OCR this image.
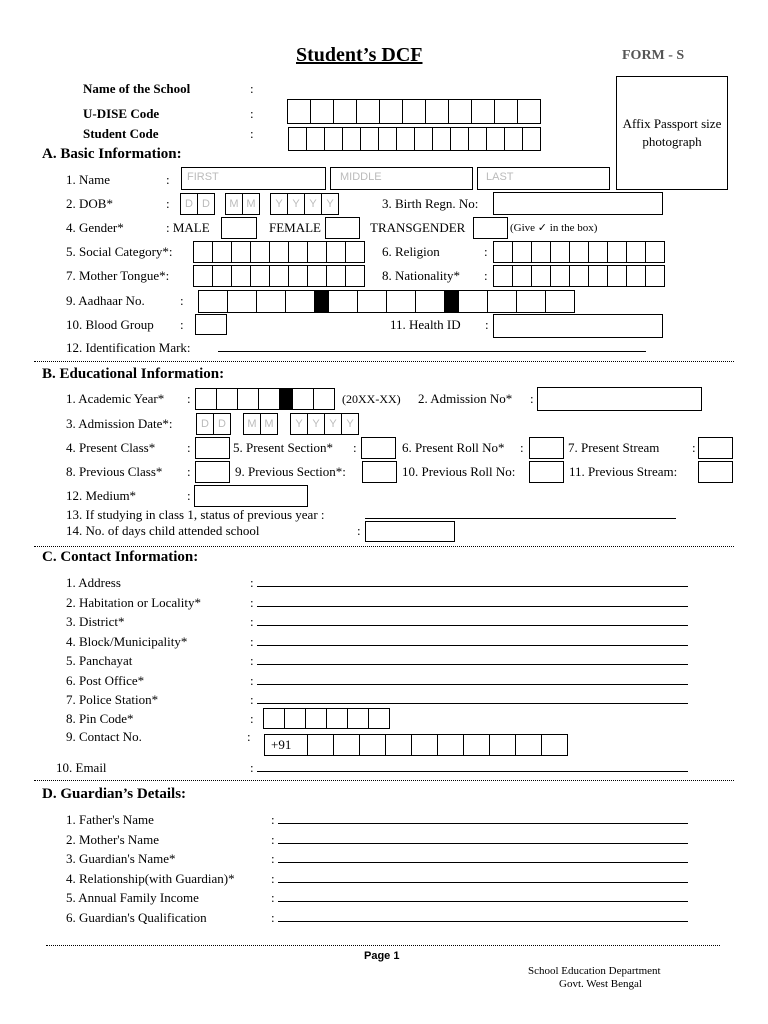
Student’s DCF	FORM - S
Name of the School	:
U-DISE Code	:
Student Code	:
Affix Passport size photograph
A. Basic Information:
1. Name	: FIRST	MIDDLE	LAST
2. DOB*	:	D D	M M	Y Y Y Y	3. Birth Regn. No:
4. Gender*	: MALE	FEMALE	TRANSGENDER	(Give ✓ in the box)
5. Social Category*:	6. Religion	:
7. Mother Tongue*:	8. Nationality* :
9. Aadhaar No.	:
10. Blood Group :	11. Health ID :
12. Identification Mark:
B. Educational Information:
1. Academic Year* :	(20XX-XX) 2. Admission No* :
3. Admission Date*:	D D	M M	Y Y Y Y
4. Present Class* :	5. Present Section* :	6. Present Roll No* :	7. Present Stream	:
8. Previous Class* :	9. Previous Section*:	10. Previous Roll No:	11. Previous Stream:
12. Medium*	:
13. If studying in class 1, status of previous year :
14. No. of days child attended school	:
C. Contact Information:
1. Address	:
2. Habitation or Locality*	:
3. District*	:
4. Block/Municipality*	:
5. Panchayat	:
6. Post Office*	:
7. Police Station*	:
8. Pin Code*	:
9. Contact No.	:
+91
10. Email	:
D. Guardian’s Details:
1. Father's Name	:
2. Mother's Name	:
3. Guardian's Name*	:
4. Relationship(with Guardian)*	:
5. Annual Family Income	:
6. Guardian's Qualification	:
Page 1
School Education Department
Govt. West Bengal
